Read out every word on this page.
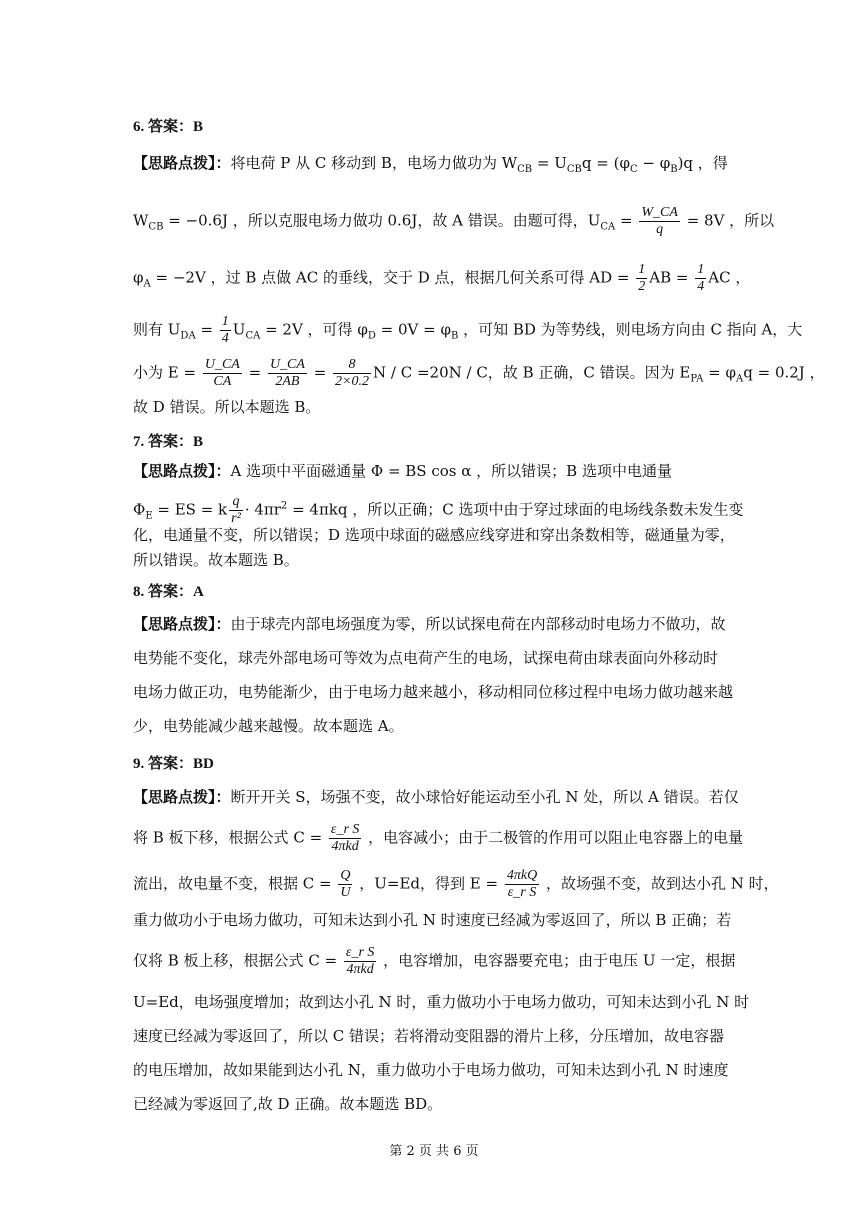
6. 答案：B
【思路点拨】：将电荷 P 从 C 移动到 B，电场力做功为 $W_{CB} = U_{CB}q = (\varphi_C - \varphi_B)q$ ，得
$W_{CB} = -0.6J$ ，所以克服电场力做功 0.6J，故 A 错误。由题可得，$U_{CA} = \frac{W\_CA}{q} = 8V$ ，所以
$\varphi_A = -2V$ ，过 B 点做 AC 的垂线，交于 D 点，根据几何关系可得 AD = $\frac{1}{2}$ AB = $\frac{1}{4}$ AC ，
则有 $U_{DA} = \frac{1}{4} U_{CA} = 2V$ ，可得 $\varphi_D = 0V = \varphi_B$ ，可知 BD 为等势线，则电场方向由 C 指向 A，大
小为 $E = \frac{U\_CA}{CA} = \frac{U\_CA}{2AB} = \frac{8}{2\times 0.2}$ N / C =20N / C，故 B 正确，C 错误。因为 $E_{PA} = \varphi_Aq = 0.2J$ ，
故 D 错误。所以本题选 B。
7. 答案：B
【思路点拨】：A 选项中平面磁通量 Φ = BS cos α ，所以错误；B 选项中电通量
$\Phi_E$ = ES = k $\frac{q}{\text{r²}} \cdot 4\pi r^2 = 4\pi kq$ ，所以正确；C 选项中由于穿过球面的电场线条数未发生变
化，电通量不变，所以错误；D 选项中球面的磁感应线穿进和穿出条数相等，磁通量为零，
所以错误。故本题选 B。
8. 答案：A
【思路点拨】：由于球壳内部电场强度为零，所以试探电荷在内部移动时电场力不做功，故
电势能不变化，球壳外部电场可等效为点电荷产生的电场，试探电荷由球表面向外移动时
电场力做正功，电势能渐少，由于电场力越来越小，移动相同位移过程中电场力做功越来越
少，电势能减少越来越慢。故本题选 A。
9. 答案：BD
【思路点拨】：断开开关 S，场强不变，故小球恰好能运动至小孔 N 处，所以 A 错误。若仅
将 B 板下移，根据公式 $C = \frac{\text{ε\_r S}}{\text{4πkd}}$ ，电容减小；由于二极管的作用可以阻止电容器上的电量
流出，故电量不变，根据 $C = \frac{Q}{U}$ ，U=Ed，得到 $E = \frac{\text{4πkQ}}{\text{ε\_r S}}$ ，故场强不变，故到达小孔 N 时，
重力做功小于电场力做功，可知未达到小孔 N 时速度已经减为零返回了，所以 B 正确；若
仅将 B 板上移，根据公式 $C = \frac{\text{ε\_r S}}{\text{4πkd}}$ ，电容增加，电容器要充电；由于电压 U 一定，根据
U=Ed，电场强度增加；故到达小孔 N 时，重力做功小于电场力做功，可知未达到小孔 N 时
速度已经减为零返回了，所以 C 错误；若将滑动变阻器的滑片上移，分压增加，故电容器
的电压增加，故如果能到达小孔 N，重力做功小于电场力做功，可知未达到小孔 N 时速度
已经减为零返回了,故 D 正确。故本题选 BD。
第 2 页 共 6 页
